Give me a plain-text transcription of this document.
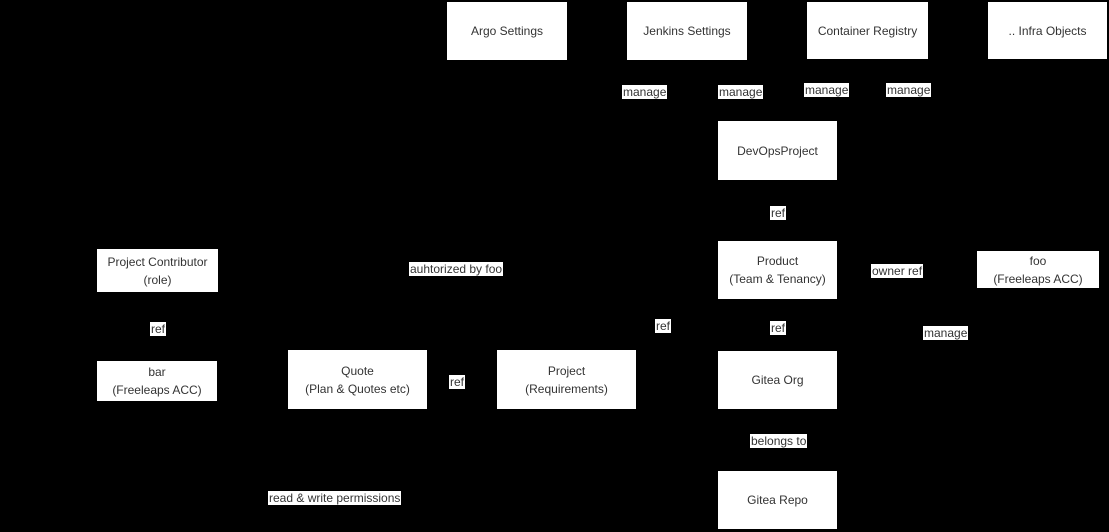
Argo Settings	Jenkins Settings	Container Registry	.. Infra Objects
DevOpsProject
Product
(Team & Tenancy)
foo
(Freeleaps ACC)
Project Contributor
(role)
bar
(Freeleaps ACC)
Quote
(Plan & Quotes etc)
Project
(Requirements)
Gitea Org
Gitea Repo
manage	manage	manage	manage
ref
auhtorized by foo	owner ref
ref	ref	ref	manage
ref
belongs to
read & write permissions
